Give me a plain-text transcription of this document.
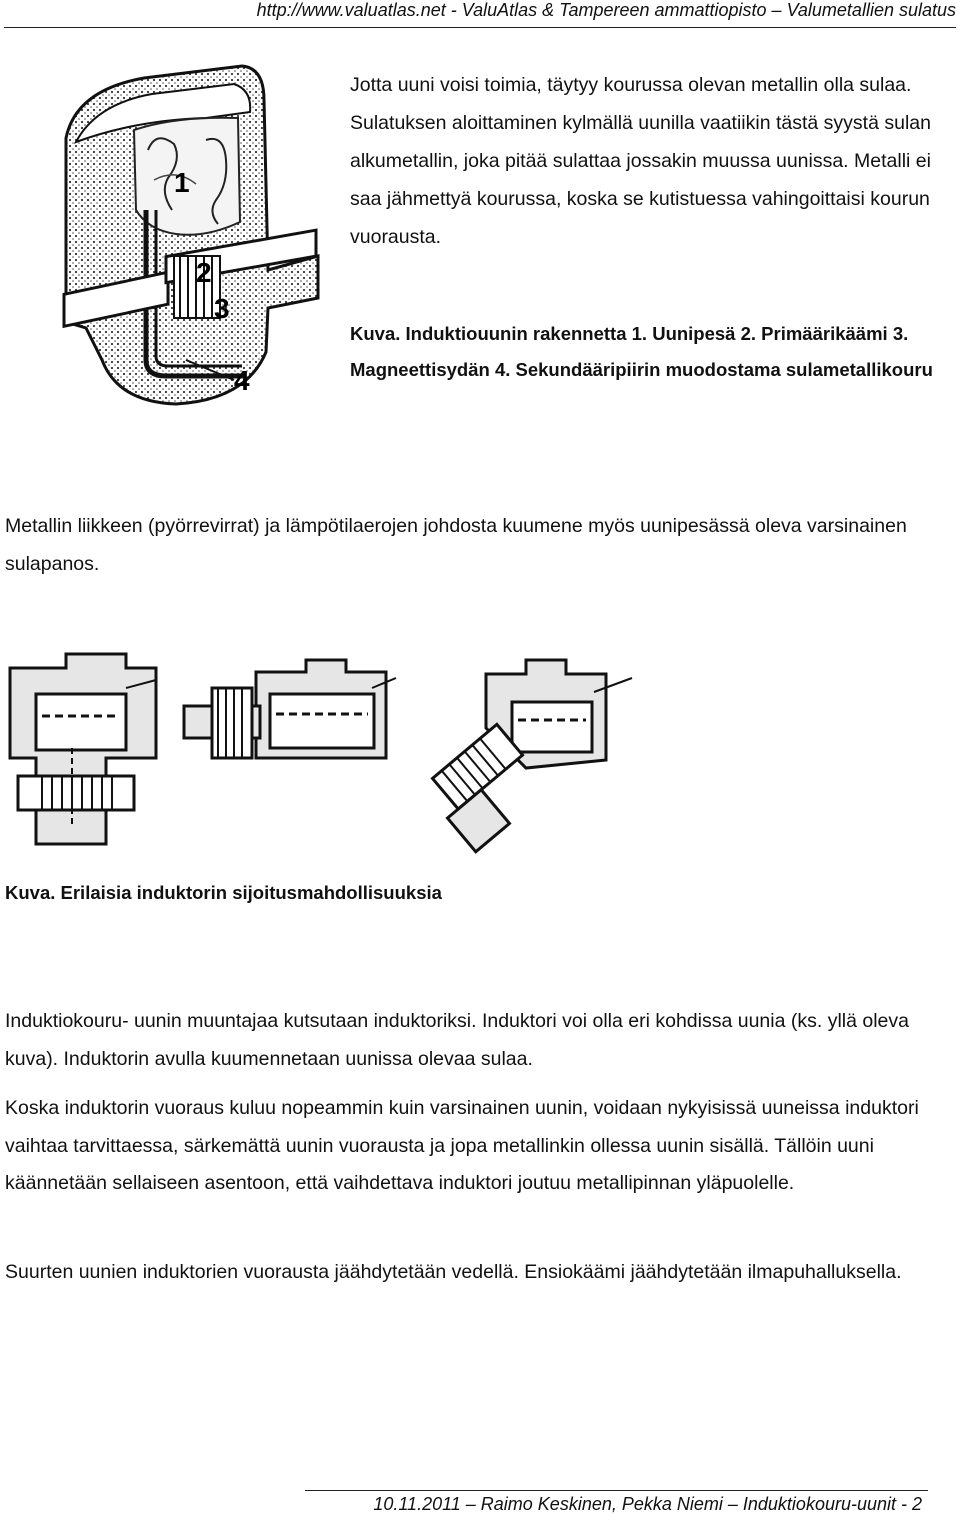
http://www.valuatlas.net - ValuAtlas & Tampereen ammattiopisto – Valumetallien sulatus
1
2
3
4

Jotta uuni voisi toimia, täytyy kourussa olevan metallin olla sulaa. Sulatuksen aloittaminen kylmällä uunilla vaatiikin tästä syystä sulan alkumetallin, joka pitää sulattaa jossakin muussa uunissa. Metalli ei saa jähmettyä kourussa, koska se kutistuessa vahingoittaisi kourun vuorausta.

Kuva. Induktiouunin rakennetta 1. Uunipesä 2. Primäärikäämi 3. Magneettisydän 4. Sekundääripiirin muodostama sulametallikouru

Metallin liikkeen (pyörrevirrat) ja lämpötilaerojen johdosta kuumene myös uunipesässä oleva varsinainen sulapanos.

Kuva. Erilaisia induktorin sijoitusmahdollisuuksia

Induktiokouru- uunin muuntajaa kutsutaan induktoriksi. Induktori voi olla eri kohdissa uunia (ks. yllä oleva kuva). Induktorin avulla kuumennetaan uunissa olevaa sulaa.

Koska induktorin vuoraus kuluu nopeammin kuin varsinainen uunin, voidaan nykyisissä uuneissa induktori vaihtaa tarvittaessa, särkemättä uunin vuorausta ja jopa metallinkin ollessa uunin sisällä. Tällöin uuni käännetään sellaiseen asentoon, että vaihdettava induktori joutuu metallipinnan yläpuolelle.

Suurten uunien induktorien vuorausta jäähdytetään vedellä. Ensiokäämi jäähdytetään ilmapuhalluksella.

10.11.2011 – Raimo Keskinen, Pekka Niemi – Induktiokouru-uunit - 2
